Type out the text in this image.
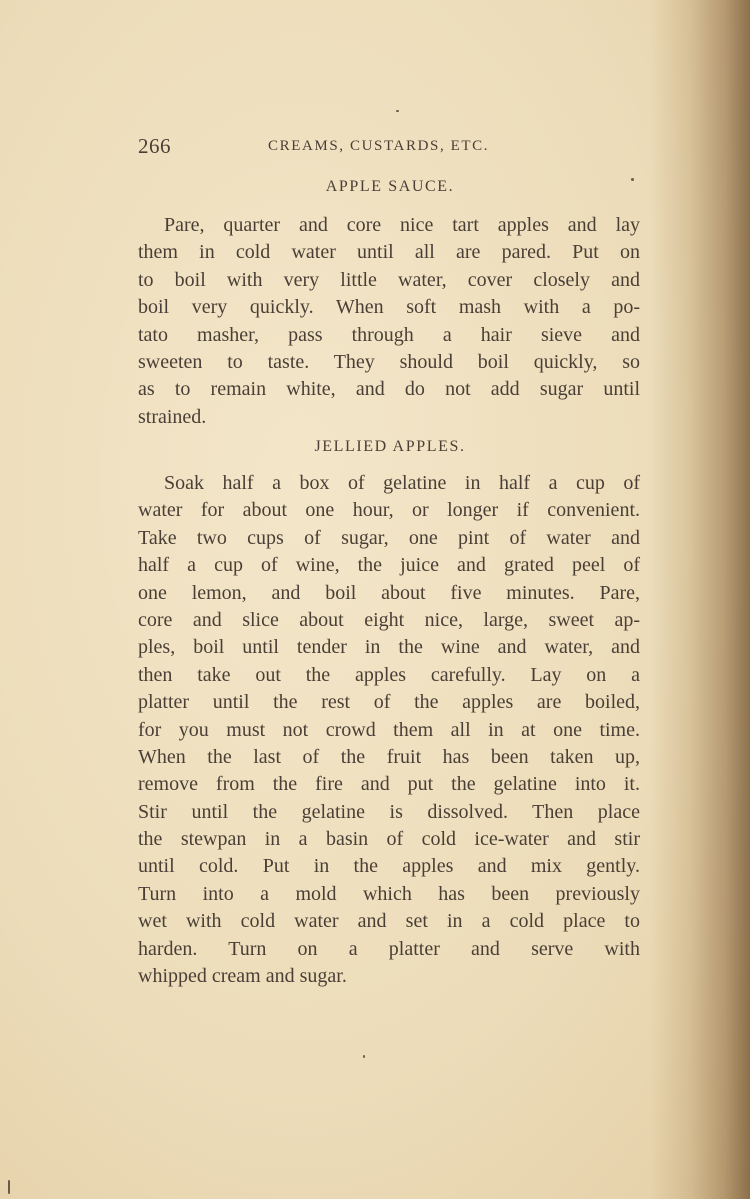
266	CREAMS, CUSTARDS, ETC.
APPLE SAUCE.
Pare, quarter and core nice tart apples and lay
them in cold water until all are pared. Put on
to boil with very little water, cover closely and
boil very quickly. When soft mash with a po-
tato masher, pass through a hair sieve and
sweeten to taste. They should boil quickly, so
as to remain white, and do not add sugar until
strained.
JELLIED APPLES.
Soak half a box of gelatine in half a cup of
water for about one hour, or longer if convenient.
Take two cups of sugar, one pint of water and
half a cup of wine, the juice and grated peel of
one lemon, and boil about five minutes. Pare,
core and slice about eight nice, large, sweet ap-
ples, boil until tender in the wine and water, and
then take out the apples carefully. Lay on a
platter until the rest of the apples are boiled,
for you must not crowd them all in at one time.
When the last of the fruit has been taken up,
remove from the fire and put the gelatine into it.
Stir until the gelatine is dissolved. Then place
the stewpan in a basin of cold ice-water and stir
until cold. Put in the apples and mix gently.
Turn into a mold which has been previously
wet with cold water and set in a cold place to
harden. Turn on a platter and serve with
whipped cream and sugar.
